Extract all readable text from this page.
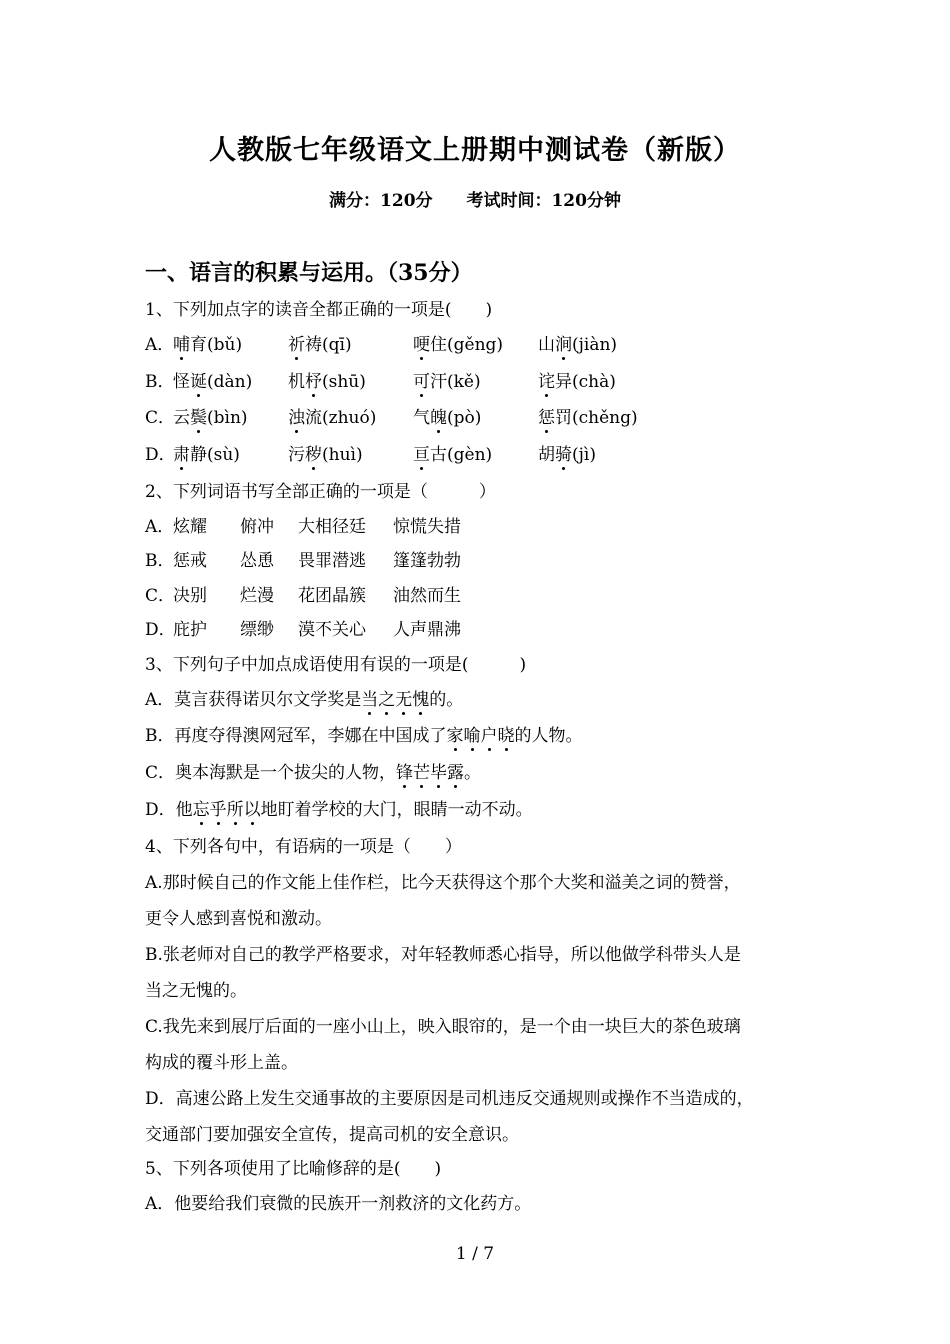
人教版七年级语文上册期中测试卷（新版）
满分：120分 考试时间：120分钟
一、语言的积累与运用。（35分）
1、下列加点字的读音全都正确的一项是(　　)
A．
哺育(bǔ)	祈祷(qī)	哽住(gěng) 山涧(jiàn)
B．
怪诞(dàn) 机杼(shū)	可汗(kě)	诧异(chà)
C．
云鬓(bìn) 浊流(zhuó) 气魄(pò)	惩罚(chěng)
D．
肃静(sù)	污秽(huì)	亘古(gèn)	胡骑(jì)
2、下列词语书写全部正确的一项是（　　　）
A．
炫耀 俯冲 大相径廷 惊慌失措
B．
惩戒 怂恿 畏罪潜逃 篷篷勃勃
C．
决别 烂漫 花团晶簇 油然而生
D．
庇护 缥缈 漠不关心 人声鼎沸
3、下列句子中加点成语使用有误的一项是(　　　)
A．莫言获得诺贝尔文学奖是当之无愧的。
B．再度夺得澳网冠军，李娜在中国成了家喻户晓的人物。
C．奥本海默是一个拔尖的人物，锋芒毕露。
D．他忘乎所以地盯着学校的大门，眼睛一动不动。
4、下列各句中，有语病的一项是（　　）
A.那时候自己的作文能上佳作栏，比今天获得这个那个大奖和溢美之词的赞誉，
更令人感到喜悦和激动。
B.张老师对自己的教学严格要求，对年轻教师悉心指导，所以他做学科带头人是
当之无愧的。
C.我先来到展厅后面的一座小山上，映入眼帘的，是一个由一块巨大的茶色玻璃
构成的覆斗形上盖。
D．高速公路上发生交通事故的主要原因是司机违反交通规则或操作不当造成的，
交通部门要加强安全宣传，提高司机的安全意识。
5、下列各项使用了比喻修辞的是(　　)
A．他要给我们衰微的民族开一剂救济的文化药方。
1 / 7
